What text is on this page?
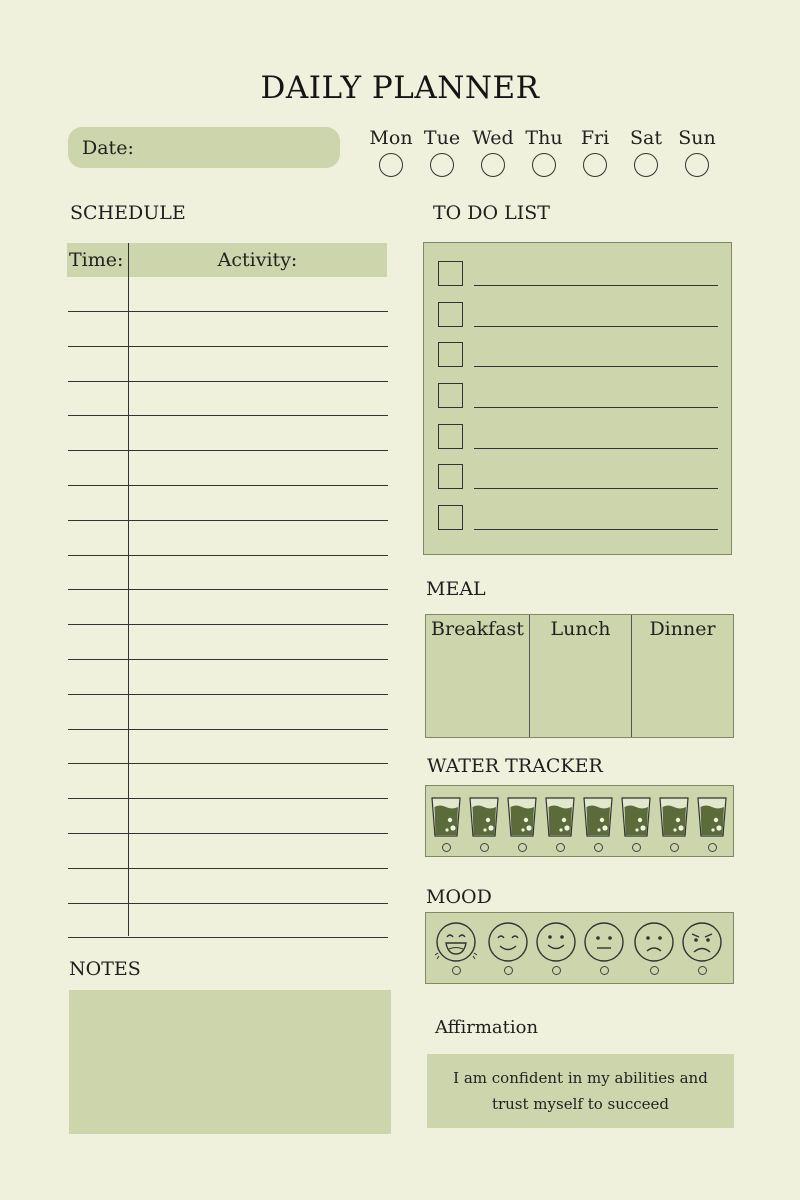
DAILY PLANNER
Date:	Mon Tue Wed Thu Fri Sat Sun
SCHEDULE
Time:	Activity:
TO DO LIST
MEAL
Breakfast	Lunch	Dinner
WATER TRACKER
MOOD
NOTES
Affirmation
I am confident in my abilities and
trust myself to succeed
